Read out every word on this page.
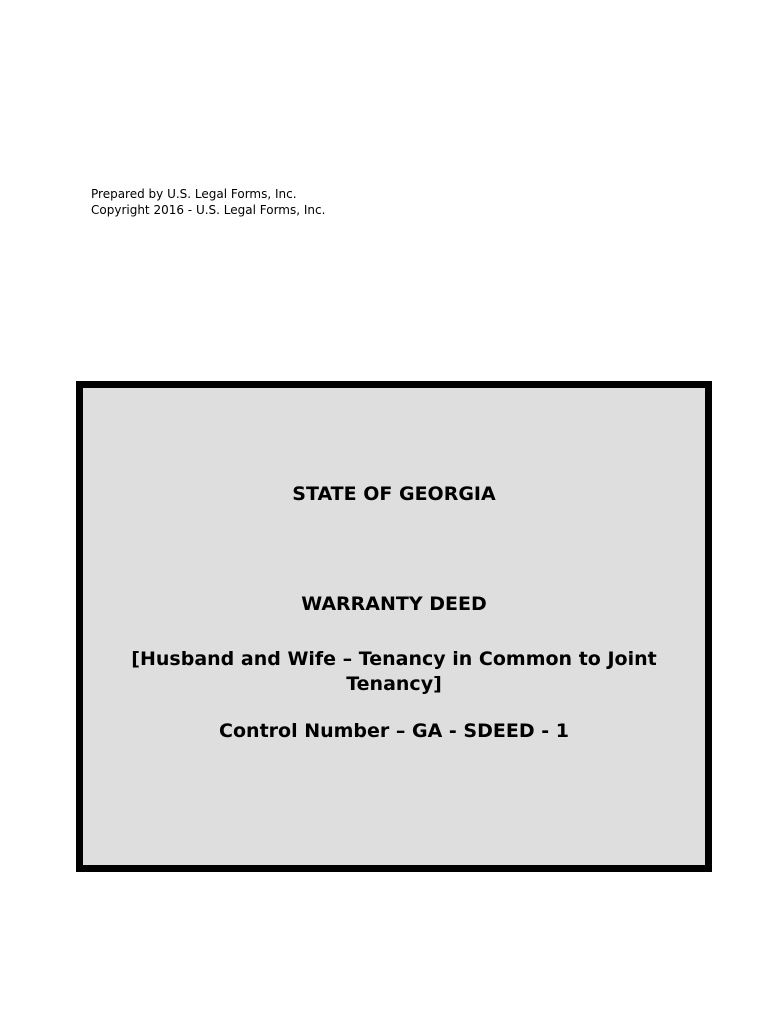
Prepared by U.S. Legal Forms, Inc.
Copyright 2016 - U.S. Legal Forms, Inc.
STATE OF GEORGIA
WARRANTY DEED
[Husband and Wife – Tenancy in Common to Joint Tenancy]
Control Number – GA - SDEED - 1
